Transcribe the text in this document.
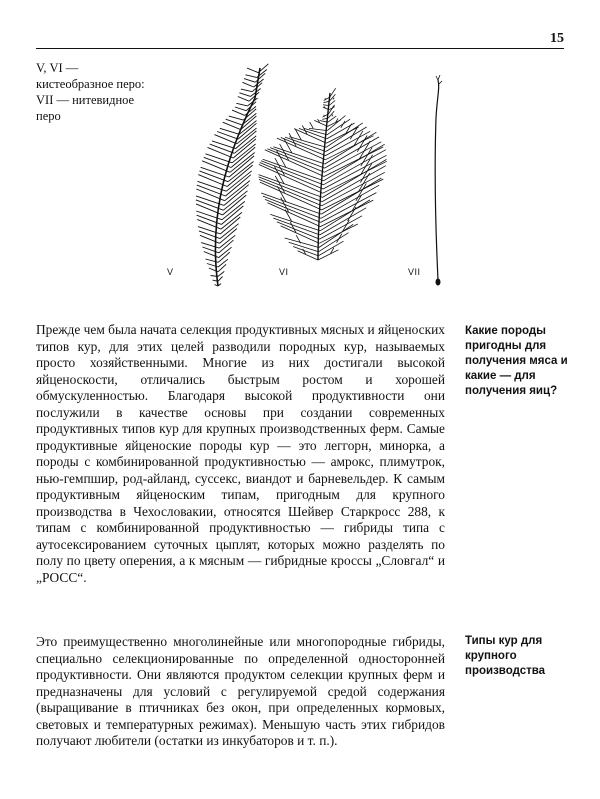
15
V, VI — кистеобразное перо: VII — нитевидное перо
V	VI	VII

Прежде чем была начата селекция продуктивных мясных и яйценоских типов кур, для этих целей разводили породных кур, называемых просто хозяйственными. Многие из них достигали высокой яйценоскости, отличались быстрым ростом и хорошей обмускуленностью. Благодаря высокой продуктивности они послужили в качестве основы при создании современных продуктивных типов кур для крупных производственных ферм. Самые продуктивные яйценоские породы кур — это леггорн, минорка, а породы с комбинированной продуктивностью — амрокс, плимутрок, нью-гемпшир, род-айланд, суссекс, виандот и барневельдер. К самым продуктивным яйценоским типам, пригодным для крупного производства в Чехословакии, относятся Шейвер Старкросс 288, к типам с комбинированной продуктивностью — гибриды типа с аутосексированием суточных цыплят, которых можно разделять по полу по цвету оперения, а к мясным — гибридные кроссы „Словгал“ и „РОСС“.

Какие породы пригодны для получения мяса и какие — для получения яиц?

Это преимущественно многолинейные или многопородные гибриды, специально селекционированные по определенной односторонней продуктивности. Они являются продуктом селекции крупных ферм и предназначены для условий с регулируемой средой содержания (выращивание в птичниках без окон, при определенных кормовых, световых и температурных режимах). Меньшую часть этих гибридов получают любители (остатки из инкубаторов и т. п.).

Типы кур для крупного производства
